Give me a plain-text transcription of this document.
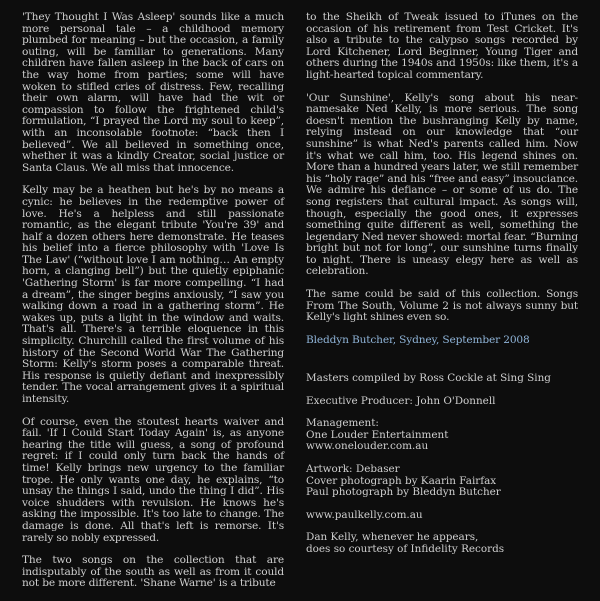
'They Thought I Was Asleep' sounds like a much more personal tale – a childhood memory plumbed for meaning – but the occasion, a family outing, will be familiar to generations. Many children have fallen asleep in the back of cars on the way home from parties; some will have woken to stifled cries of distress. Few, recalling their own alarm, will have had the wit or compassion to follow the frightened child's formulation, “I prayed the Lord my soul to keep”, with an inconsolable footnote: “back then I believed”. We all believed in something once, whether it was a kindly Creator, social justice or Santa Claus. We all miss that innocence.

Kelly may be a heathen but he's by no means a cynic: he believes in the redemptive power of love. He's a helpless and still passionate romantic, as the elegant tribute 'You're 39' and half a dozen others here demonstrate. He teases his belief into a fierce philosophy with 'Love Is The Law' (“without love I am nothing… An empty horn, a clanging bell”) but the quietly epiphanic 'Gathering Storm' is far more compelling. “I had a dream”, the singer begins anxiously, “I saw you walking down a road in a gathering storm”. He wakes up, puts a light in the window and waits. That's all. There's a terrible eloquence in this simplicity. Churchill called the first volume of his history of the Second World War The Gathering Storm: Kelly's storm poses a comparable threat. His response is quietly defiant and inexpressibly tender. The vocal arrangement gives it a spiritual intensity.

Of course, even the stoutest hearts waiver and fail. 'If I Could Start Today Again' is, as anyone hearing the title will guess, a song of profound regret: if I could only turn back the hands of time! Kelly brings new urgency to the familiar trope. He only wants one day, he explains, “to unsay the things I said, undo the thing I did”. His voice shudders with revulsion. He knows he's asking the impossible. It's too late to change. The damage is done. All that's left is remorse. It's rarely so nobly expressed.

The two songs on the collection that are indisputably of the south as well as from it could not be more different. 'Shane Warne' is a tribute

to the Sheikh of Tweak issued to iTunes on the occasion of his retirement from Test Cricket. It's also a tribute to the calypso songs recorded by Lord Kitchener, Lord Beginner, Young Tiger and others during the 1940s and 1950s: like them, it's a light-hearted topical commentary.

'Our Sunshine', Kelly's song about his near-namesake Ned Kelly, is more serious. The song doesn't mention the bushranging Kelly by name, relying instead on our knowledge that “our sunshine” is what Ned's parents called him. Now it's what we call him, too. His legend shines on. More than a hundred years later, we still remember his “holy rage” and his “free and easy” insouciance. We admire his defiance – or some of us do. The song registers that cultural impact. As songs will, though, especially the good ones, it expresses something quite different as well, something the legendary Ned never showed: mortal fear. “Burning bright but not for long”, our sunshine turns finally to night. There is uneasy elegy here as well as celebration.

The same could be said of this collection. Songs From The South, Volume 2 is not always sunny but Kelly's light shines even so.

Bleddyn Butcher, Sydney, September 2008

Masters compiled by Ross Cockle at Sing Sing
Executive Producer: John O'Donnell
Management:
One Louder Entertainment
www.onelouder.com.au
Artwork: Debaser
Cover photograph by Kaarin Fairfax
Paul photograph by Bleddyn Butcher
www.paulkelly.com.au
Dan Kelly, whenever he appears,
does so courtesy of Infidelity Records
